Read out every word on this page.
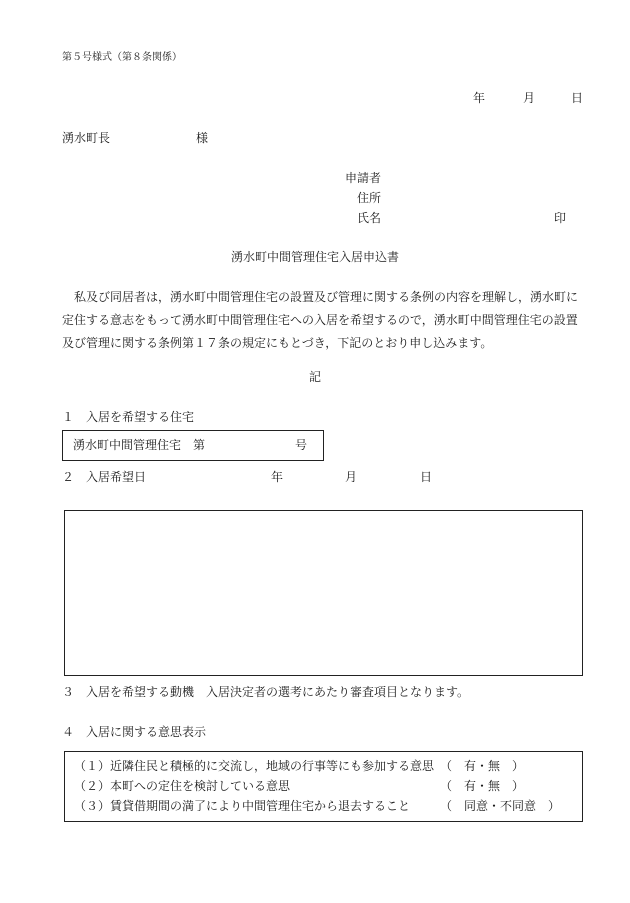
第５号様式（第８条関係）
年	月	日
湧水町長	様
申請者
住所
氏名	印
湧水町中間管理住宅入居申込書
私及び同居者は，湧水町中間管理住宅の設置及び管理に関する条例の内容を理解し，湧水町に
定住する意志をもって湧水町中間管理住宅への入居を希望するので，湧水町中間管理住宅の設置
及び管理に関する条例第１７条の規定にもとづき，下記のとおり申し込みます。
記
１　入居を希望する住宅
湧水町中間管理住宅　第	号
２　入居希望日	年	月	日
３　入居を希望する動機　入居決定者の選考にあたり審査項目となります。
４　入居に関する意思表示
（１）近隣住民と積極的に交流し，地域の行事等にも参加する意思 （　有・無　）
（２）本町への定住を検討している意思	（　有・無　）
（３）賃貸借期間の満了により中間管理住宅から退去すること （　同意・不同意　）
